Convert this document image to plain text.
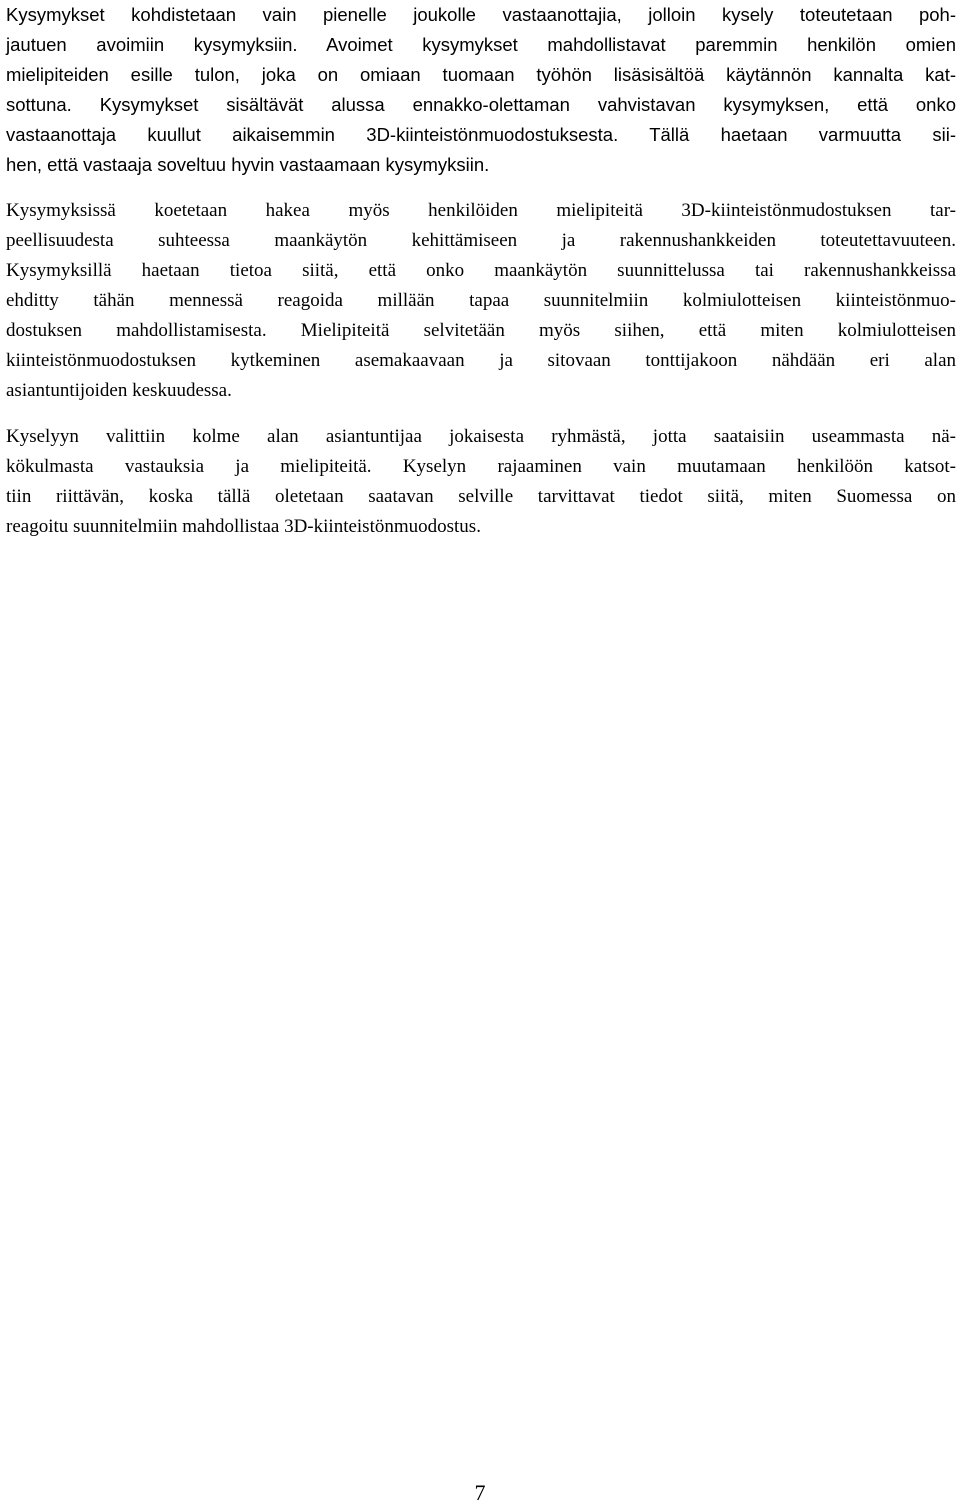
Kysymykset kohdistetaan vain pienelle joukolle vastaanottajia, jolloin kysely toteutetaan poh-
jautuen avoimiin kysymyksiin. Avoimet kysymykset mahdollistavat paremmin henkilön omien
mielipiteiden esille tulon, joka on omiaan tuomaan työhön lisäsisältöä käytännön kannalta kat-
sottuna. Kysymykset sisältävät alussa ennakko-olettaman vahvistavan kysymyksen, että onko
vastaanottaja kuullut aikaisemmin 3D-kiinteistönmuodostuksesta. Tällä haetaan varmuutta sii-
hen, että vastaaja soveltuu hyvin vastaamaan kysymyksiin.

Kysymyksissä koetetaan hakea myös henkilöiden mielipiteitä 3D-kiinteistönmudostuksen tar-
peellisuudesta suhteessa maankäytön kehittämiseen ja rakennushankkeiden toteutettavuuteen.
Kysymyksillä haetaan tietoa siitä, että onko maankäytön suunnittelussa tai rakennushankkeissa
ehditty tähän mennessä reagoida millään tapaa suunnitelmiin kolmiulotteisen kiinteistönmuo-
dostuksen mahdollistamisesta. Mielipiteitä selvitetään myös siihen, että miten kolmiulotteisen
kiinteistönmuodostuksen kytkeminen asemakaavaan ja sitovaan tonttijakoon nähdään eri alan
asiantuntijoiden keskuudessa.

Kyselyyn valittiin kolme alan asiantuntijaa jokaisesta ryhmästä, jotta saataisiin useammasta nä-
kökulmasta vastauksia ja mielipiteitä. Kyselyn rajaaminen vain muutamaan henkilöön katsot-
tiin riittävän, koska tällä oletetaan saatavan selville tarvittavat tiedot siitä, miten Suomessa on
reagoitu suunnitelmiin mahdollistaa 3D-kiinteistönmuodostus.

7
